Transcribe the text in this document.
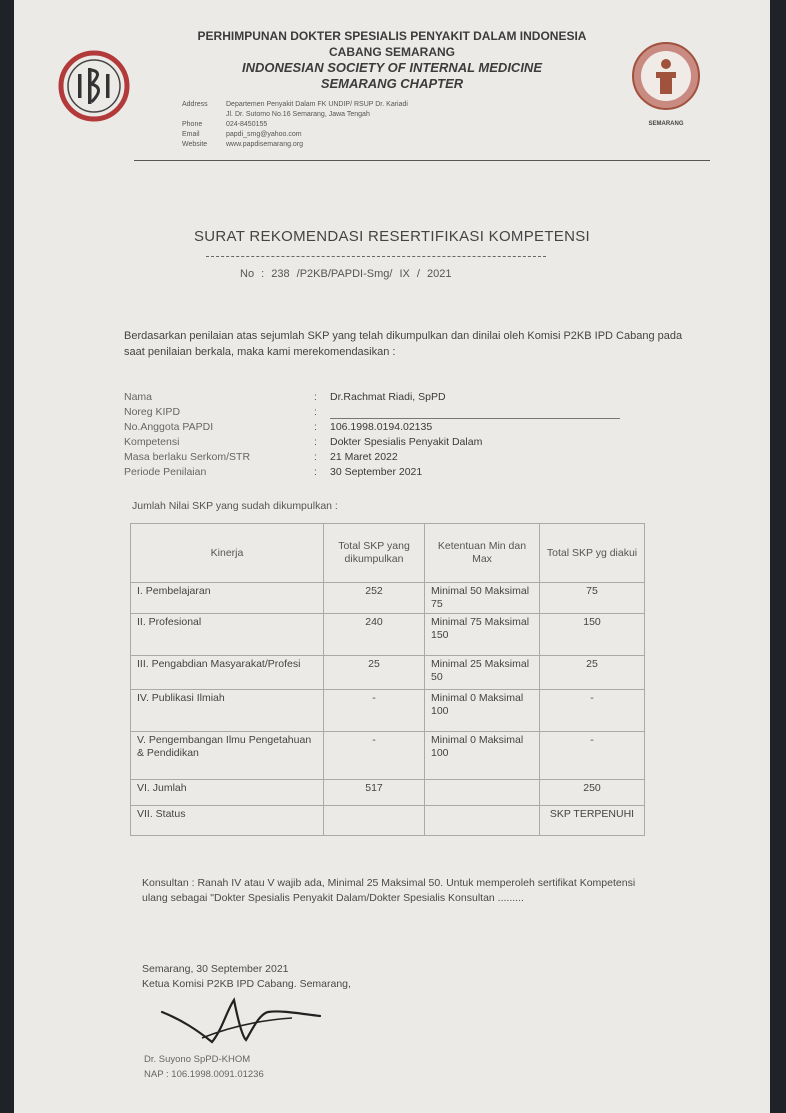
PERHIMPUNAN DOKTER SPESIALIS PENYAKIT DALAM INDONESIA
CABANG SEMARANG
INDONESIAN SOCIETY OF INTERNAL MEDICINE
SEMARANG CHAPTER
SEMARANG
Address	Departemen Penyakit Dalam FK UNDIP/ RSUP Dr. Kariadi
Jl. Dr. Sutomo No.16 Semarang, Jawa Tengah
Phone	024-8450155
Email	papdi_smg@yahoo.com
Website	www.papdisemarang.org
SURAT REKOMENDASI RESERTIFIKASI KOMPETENSI
No : 238 /P2KB/PAPDI-Smg/ IX / 2021
Berdasarkan penilaian atas sejumlah SKP yang telah dikumpulkan dan dinilai oleh Komisi P2KB IPD Cabang pada saat penilaian berkala, maka kami merekomendasikan :
Nama	:	Dr.Rachmat Riadi, SpPD
Noreg KIPD	:
No.Anggota PAPDI	:	106.1998.0194.02135
Kompetensi	:	Dokter Spesialis Penyakit Dalam
Masa berlaku Serkom/STR	:	21 Maret 2022
Periode Penilaian	:	30 September 2021
Jumlah Nilai SKP yang sudah dikumpulkan :
Kinerja	Total SKP yang dikumpulkan	Ketentuan Min dan Max	Total SKP yg diakui
I. Pembelajaran	252	Minimal 50 Maksimal 75	75
II. Profesional	240	Minimal 75 Maksimal 150	150
III. Pengabdian Masyarakat/Profesi	25	Minimal 25 Maksimal 50	25
IV. Publikasi Ilmiah	-	Minimal 0 Maksimal 100	-
V. Pengembangan Ilmu Pengetahuan & Pendidikan	-	Minimal 0 Maksimal 100	-
VI. Jumlah	517		250
VII. Status			SKP TERPENUHI
Konsultan : Ranah IV atau V wajib ada, Minimal 25 Maksimal 50. Untuk memperoleh sertifikat Kompetensi ulang sebagai "Dokter Spesialis Penyakit Dalam/Dokter Spesialis Konsultan .........
Semarang, 30 September 2021
Ketua Komisi P2KB IPD Cabang. Semarang,
Dr. Suyono SpPD-KHOM
NAP : 106.1998.0091.01236
